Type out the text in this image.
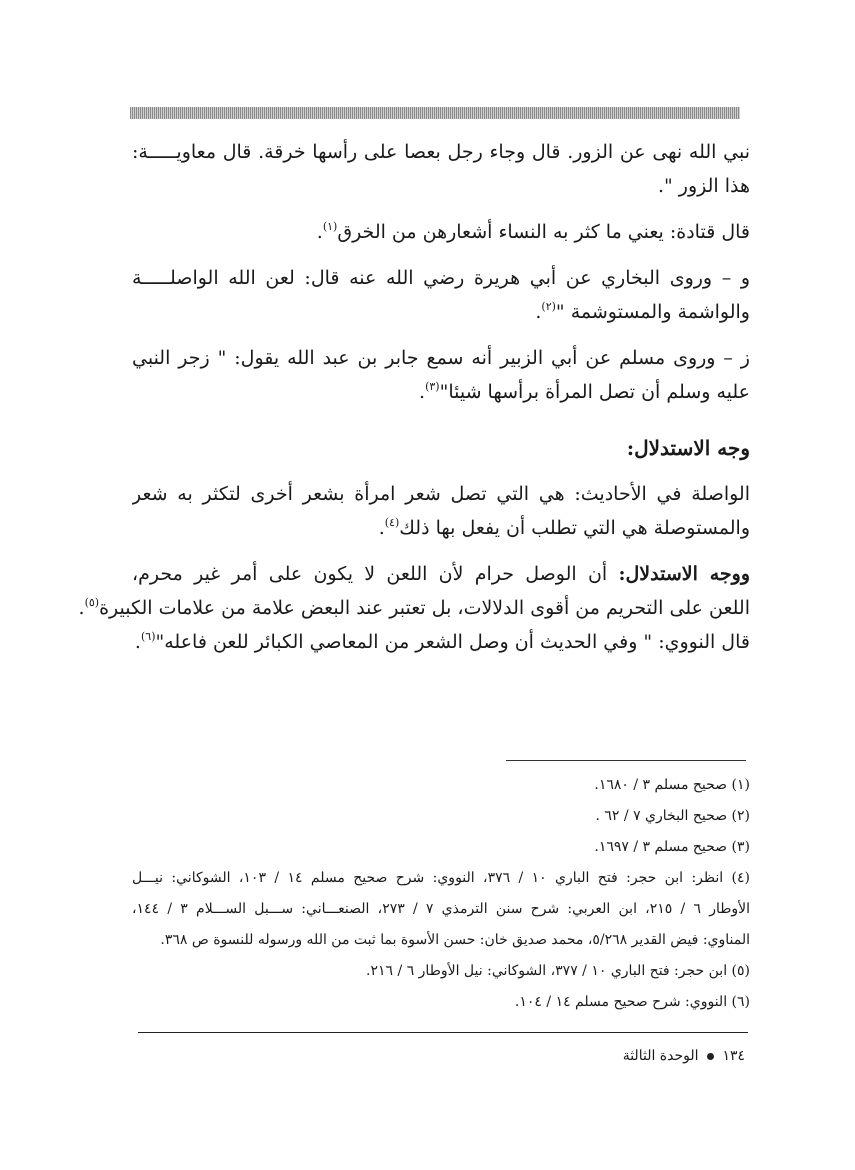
نبي الله نهى عن الزور. قال وجاء رجل بعصا على رأسها خرقة. قال معاويـــــة:
هذا الزور ".
قال قتادة: يعني ما كثر به النساء أشعارهن من الخرق$^{(١)}$.
و – وروى البخاري عن أبي هريرة رضي الله عنه قال: لعن الله الواصلـــــة
والواشمة والمستوشمة "$^{(٢)}$.
ز – وروى مسلم عن أبي الزبير أنه سمع جابر بن عبد الله يقول: " زجر النبي
عليه وسلم أن تصل المرأة برأسها شيئا"$^{(٣)}$.
وجه الاستدلال:
الواصلة في الأحاديث: هي التي تصل شعر امرأة بشعر أخرى لتكثر به شعر
والمستوصلة هي التي تطلب أن يفعل بها ذلك$^{(٤)}$.
ووجه الاستدلال: أن الوصل حرام لأن اللعن لا يكون على أمر غير محرم،
اللعن على التحريم من أقوى الدلالات، بل تعتبر عند البعض علامة من علامات الكبيرة$^{(٥)}$.
قال النووي: " وفي الحديث أن وصل الشعر من المعاصي الكبائر للعن فاعله"$^{(٦)}$.
(١) صحيح مسلم ٣ / ١٦٨٠.
(٢) صحيح البخاري ٧ / ٦٢ .
(٣) صحيح مسلم ٣ / ١٦٩٧.
(٤) انظر: ابن حجر: فتح الباري ١٠ / ٣٧٦، النووي: شرح صحيح مسلم ١٤ / ١٠٣، الشوكاني: نيـــل
الأوطار ٦ / ٢١٥، ابن العربي: شرح سنن الترمذي ٧ / ٢٧٣، الصنعـــاني: ســـبل الســـلام ٣ / ١٤٤،
المناوي: فيض القدير ٥/٢٦٨، محمد صديق خان: حسن الأسوة بما ثبت من الله ورسوله للنسوة ص ٣٦٨.
(٥) ابن حجر: فتح الباري ١٠ / ٣٧٧، الشوكاني: نيل الأوطار ٦ / ٢١٦.
(٦) النووي: شرح صحيح مسلم ١٤ / ١٠٤.
١٣٤  الوحدة الثالثة
